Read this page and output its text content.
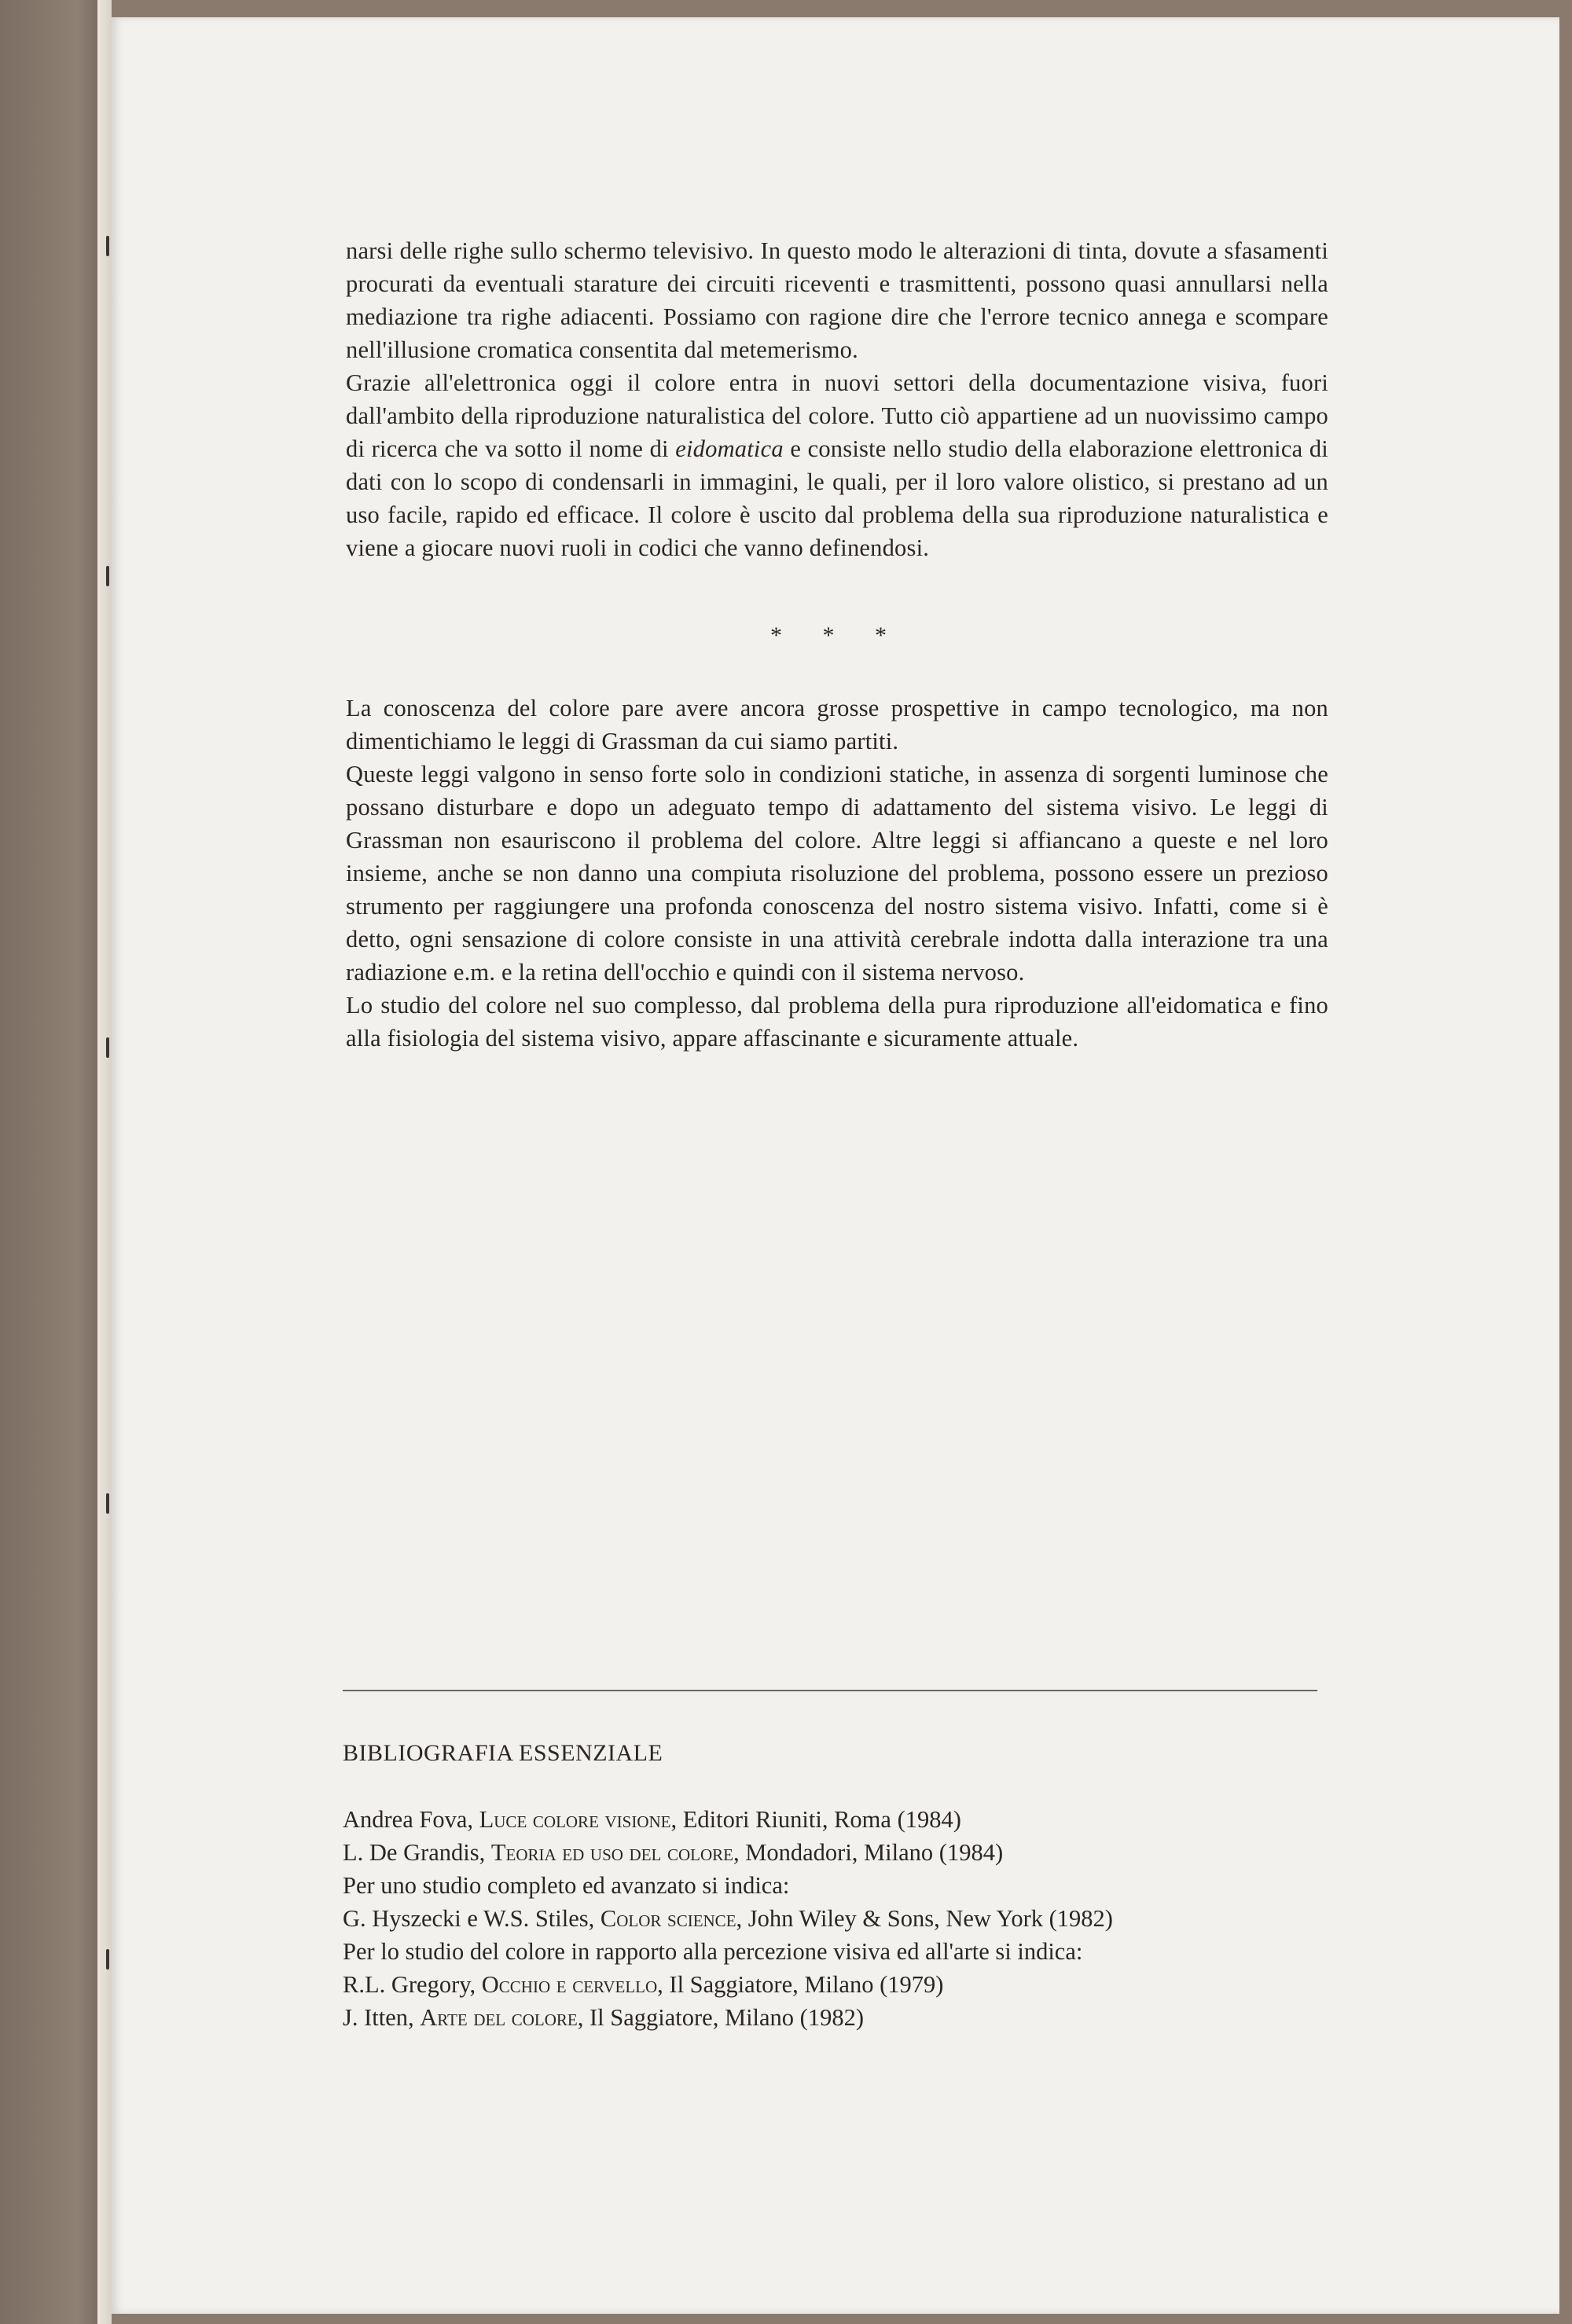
narsi delle righe sullo schermo televisivo. In questo modo le alterazioni di tinta, dovute a sfasamenti procurati da eventuali starature dei circuiti riceventi e trasmittenti, possono quasi annullarsi nella mediazione tra righe adiacenti. Possiamo con ragione dire che l'errore tecnico annega e scompare nell'illusione cromatica consentita dal metemerismo.

Grazie all'elettronica oggi il colore entra in nuovi settori della documentazione visiva, fuori dall'ambito della riproduzione naturalistica del colore. Tutto ciò appartiene ad un nuovissimo campo di ricerca che va sotto il nome di eidomatica e consiste nello studio della elaborazione elettronica di dati con lo scopo di condensarli in immagini, le quali, per il loro valore olistico, si prestano ad un uso facile, rapido ed efficace. Il colore è uscito dal problema della sua riproduzione naturalistica e viene a giocare nuovi ruoli in codici che vanno definendosi.

* * *

La conoscenza del colore pare avere ancora grosse prospettive in campo tecnologico, ma non dimentichiamo le leggi di Grassman da cui siamo partiti.

Queste leggi valgono in senso forte solo in condizioni statiche, in assenza di sorgenti luminose che possano disturbare e dopo un adeguato tempo di adattamento del sistema visivo. Le leggi di Grassman non esauriscono il problema del colore. Altre leggi si affiancano a queste e nel loro insieme, anche se non danno una compiuta risoluzione del problema, possono essere un prezioso strumento per raggiungere una profonda conoscenza del nostro sistema visivo. Infatti, come si è detto, ogni sensazione di colore consiste in una attività cerebrale indotta dalla interazione tra una radiazione e.m. e la retina dell'occhio e quindi con il sistema nervoso.

Lo studio del colore nel suo complesso, dal problema della pura riproduzione all'eidomatica e fino alla fisiologia del sistema visivo, appare affascinante e sicuramente attuale.

BIBLIOGRAFIA ESSENZIALE
Andrea Fova, Luce colore visione, Editori Riuniti, Roma (1984)
L. De Grandis, Teoria ed uso del colore, Mondadori, Milano (1984)
Per uno studio completo ed avanzato si indica:
G. Hyszecki e W.S. Stiles, Color science, John Wiley & Sons, New York (1982)
Per lo studio del colore in rapporto alla percezione visiva ed all'arte si indica:
R.L. Gregory, Occhio e cervello, Il Saggiatore, Milano (1979)
J. Itten, Arte del colore, Il Saggiatore, Milano (1982)
